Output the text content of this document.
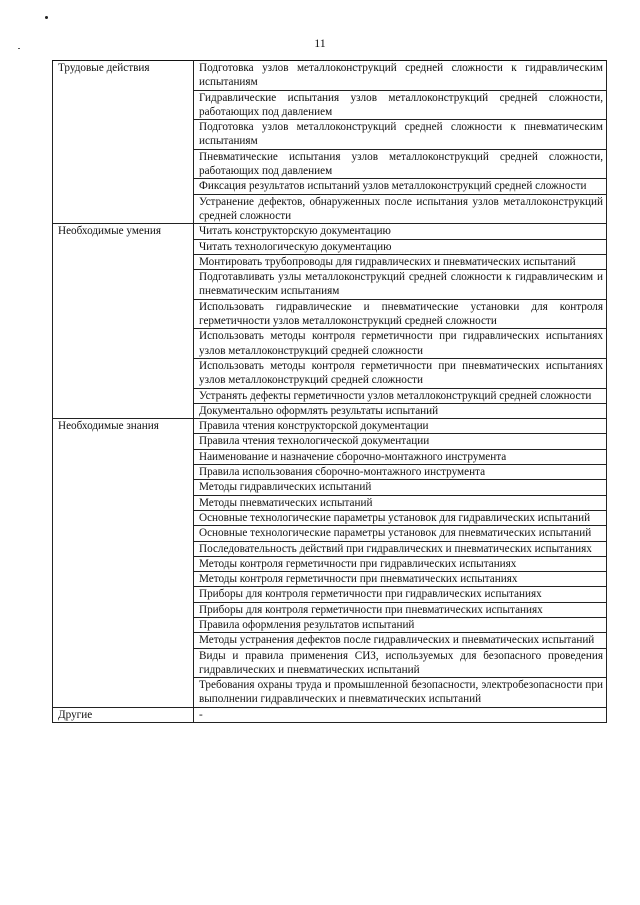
11
Трудовые действия	Подготовка узлов металлоконструкций средней сложности к гидравлическим испытаниям

	Гидравлические испытания узлов металлоконструкций средней сложности, работающих под давлением

	Подготовка узлов металлоконструкций средней сложности к пневматическим испытаниям

	Пневматические испытания узлов металлоконструкций средней сложности, работающих под давлением

	Фиксация результатов испытаний узлов металлоконструкций средней сложности

	Устранение дефектов, обнаруженных после испытания узлов металлоконструкций средней сложности

Необходимые умения	Читать конструкторскую документацию

	Читать технологическую документацию

	Монтировать трубопроводы для гидравлических и пневматических испытаний

	Подготавливать узлы металлоконструкций средней сложности к гидравлическим и пневматическим испытаниям

	Использовать гидравлические и пневматические установки для контроля герметичности узлов металлоконструкций средней сложности

	Использовать методы контроля герметичности при гидравлических испытаниях узлов металлоконструкций средней сложности

	Использовать методы контроля герметичности при пневматических испытаниях узлов металлоконструкций средней сложности

	Устранять дефекты герметичности узлов металлоконструкций средней сложности

	Документально оформлять результаты испытаний

Необходимые знания	Правила чтения конструкторской документации

	Правила чтения технологической документации

	Наименование и назначение сборочно-монтажного инструмента

	Правила использования сборочно-монтажного инструмента

	Методы гидравлических испытаний

	Методы пневматических испытаний

	Основные технологические параметры установок для гидравлических испытаний

	Основные технологические параметры установок для пневматических испытаний

	Последовательность действий при гидравлических и пневматических испытаниях

	Методы контроля герметичности при гидравлических испытаниях

	Методы контроля герметичности при пневматических испытаниях

	Приборы для контроля герметичности при гидравлических испытаниях

	Приборы для контроля герметичности при пневматических испытаниях

	Правила оформления результатов испытаний

	Методы устранения дефектов после гидравлических и пневматических испытаний

	Виды и правила применения СИЗ, используемых для безопасного проведения гидравлических и пневматических испытаний

	Требования охраны труда и промышленной безопасности, электробезопасности при выполнении гидравлических и пневматических испытаний

Другие	-
